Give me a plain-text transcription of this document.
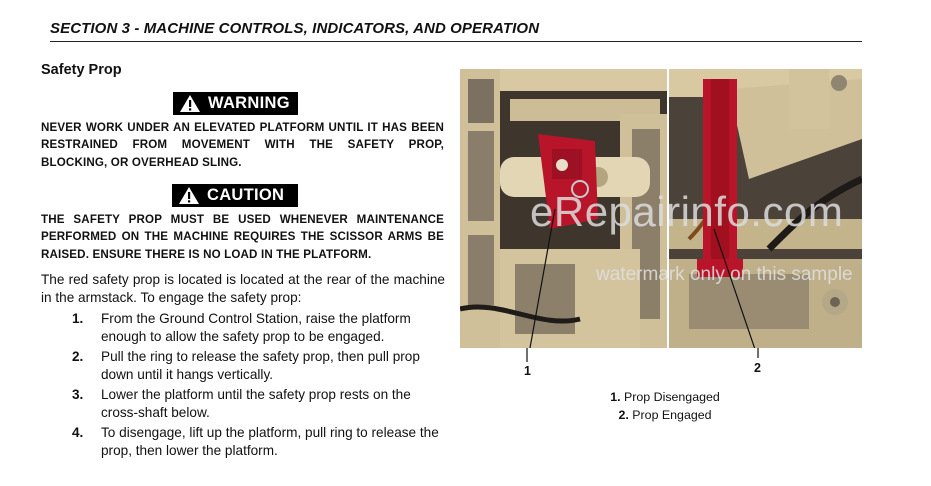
SECTION 3 - MACHINE CONTROLS, INDICATORS, AND OPERATION
Safety Prop
WARNING
NEVER WORK UNDER AN ELEVATED PLATFORM UNTIL IT HAS BEEN RESTRAINED FROM MOVEMENT WITH THE SAFETY PROP, BLOCKING, OR OVERHEAD SLING.
CAUTION
THE SAFETY PROP MUST BE USED WHENEVER MAINTENANCE PERFORMED ON THE MACHINE REQUIRES THE SCISSOR ARMS BE RAISED. ENSURE THERE IS NO LOAD IN THE PLATFORM.
The red safety prop is located is located at the rear of the machine in the armstack. To engage the safety prop:
1.	From the Ground Control Station, raise the platform enough to allow the safety prop to be engaged.
2.	Pull the ring to release the safety prop, then pull prop down until it hangs vertically.
3.	Lower the platform until the safety prop rests on the cross-shaft below.
4.	To disengage, lift up the platform, pull ring to release the prop, then lower the platform.
eRepairinfo.com
watermark only on this sample
1	2
1. Prop Disengaged
2. Prop Engaged
